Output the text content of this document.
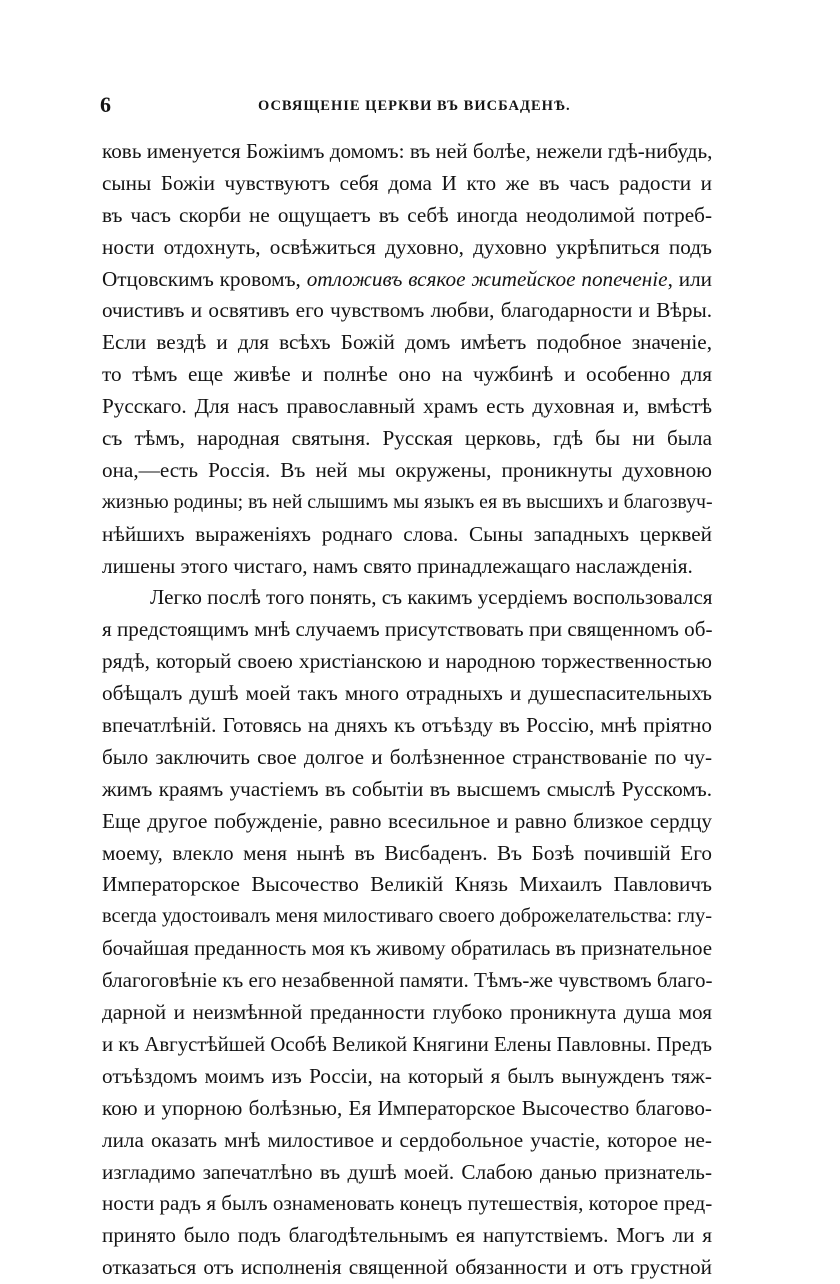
6	ОСВЯЩЕНІЕ ЦЕРКВИ ВЪ ВИСБАДЕНѢ.
ковь именуется Божіимъ домомъ: въ ней болѣе, нежели гдѣ-нибудь,
сыны Божіи чувствуютъ себя дома И кто же въ часъ радости и
въ часъ скорби не ощущаетъ въ себѣ иногда неодолимой потреб-
ности отдохнуть, освѣжиться духовно, духовно укрѣпиться подъ
Отцовскимъ кровомъ, отложивъ всякое житейское попеченіе, или
очистивъ и освятивъ его чувствомъ любви, благодарности и Вѣры.
Если вездѣ и для всѣхъ Божій домъ имѣетъ подобное значеніе,
то тѣмъ еще живѣе и полнѣе оно на чужбинѣ и особенно для
Русскаго. Для насъ православный храмъ есть духовная и, вмѣстѣ
съ тѣмъ, народная святыня. Русская церковь, гдѣ бы ни была
она,—есть Россія. Въ ней мы окружены, проникнуты духовною
жизнью родины; въ ней слышимъ мы языкъ ея въ высшихъ и благозвуч-
нѣйшихъ выраженіяхъ роднаго слова. Сыны западныхъ церквей
лишены этого чистаго, намъ свято принадлежащаго наслажденія.
Легко послѣ того понять, съ какимъ усердіемъ воспользовался
я предстоящимъ мнѣ случаемъ присутствовать при священномъ об-
рядѣ, который своею христіанскою и народною торжественностью
обѣщалъ душѣ моей такъ много отрадныхъ и душеспасительныхъ
впечатлѣній. Готовясь на дняхъ къ отъѣзду въ Россію, мнѣ пріятно
было заключить свое долгое и болѣзненное странствованіе по чу-
жимъ краямъ участіемъ въ событіи въ высшемъ смыслѣ Русскомъ.
Еще другое побужденіе, равно всесильное и равно близкое сердцу
моему, влекло меня нынѣ въ Висбаденъ. Въ Бозѣ почившій Его
Императорское Высочество Великій Князь Михаилъ Павловичъ
всегда удостоивалъ меня милостиваго своего доброжелательства: глу-
бочайшая преданность моя къ живому обратилась въ признательное
благоговѣніе къ его незабвенной памяти. Тѣмъ-же чувствомъ благо-
дарной и неизмѣнной преданности глубоко проникнута душа моя
и къ Августѣйшей Особѣ Великой Княгини Елены Павловны. Предъ
отъѣздомъ моимъ изъ Россіи, на который я былъ вынужденъ тяж-
кою и упорною болѣзнью, Ея Императорское Высочество благово-
лила оказать мнѣ милостивое и сердобольное участіе, которое не-
изгладимо запечатлѣно въ душѣ моей. Слабою данью признатель-
ности радъ я былъ ознаменовать конецъ путешествія, которое пред-
принято было подъ благодѣтельнымъ ея напутствіемъ. Могъ ли я
отказаться отъ исполненія священной обязанности и отъ грустной
